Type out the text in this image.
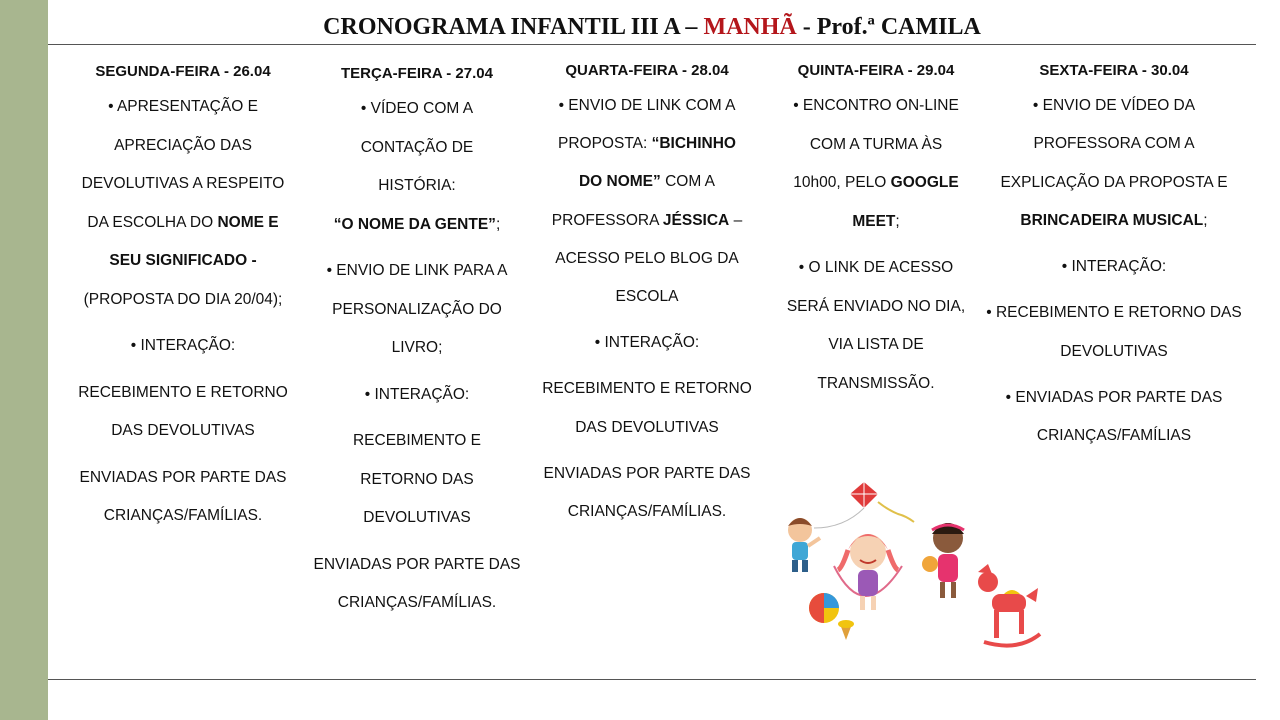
CRONOGRAMA INFANTIL III A – MANHÃ - Prof.ª CAMILA
SEGUNDA-FEIRA - 26.04

• APRESENTAÇÃO E
APRECIAÇÃO DAS
DEVOLUTIVAS A RESPEITO
DA ESCOLHA DO NOME E
SEU SIGNIFICADO -
(PROPOSTA DO DIA 20/04);

• INTERAÇÃO:

RECEBIMENTO E RETORNO
DAS DEVOLUTIVAS

ENVIADAS POR PARTE DAS
CRIANÇAS/FAMÍLIAS.

TERÇA-FEIRA - 27.04

• VÍDEO COM A
CONTAÇÃO DE
HISTÓRIA:
“O NOME DA GENTE”;

• ENVIO DE LINK PARA A
PERSONALIZAÇÃO DO
LIVRO;

• INTERAÇÃO:

RECEBIMENTO E
RETORNO DAS
DEVOLUTIVAS

ENVIADAS POR PARTE DAS
CRIANÇAS/FAMÍLIAS.

QUARTA-FEIRA - 28.04

• ENVIO DE LINK COM A
PROPOSTA: “BICHINHO
DO NOME” COM A
PROFESSORA JÉSSICA –
ACESSO PELO BLOG DA
ESCOLA

• INTERAÇÃO:

RECEBIMENTO E RETORNO
DAS DEVOLUTIVAS

ENVIADAS POR PARTE DAS
CRIANÇAS/FAMÍLIAS.

QUINTA-FEIRA - 29.04

• ENCONTRO ON-LINE
COM A TURMA ÀS
10h00, PELO GOOGLE
MEET;

• O LINK DE ACESSO
SERÁ ENVIADO NO DIA,
VIA LISTA DE
TRANSMISSÃO.

SEXTA-FEIRA - 30.04

• ENVIO DE VÍDEO DA
PROFESSORA COM A
EXPLICAÇÃO DA PROPOSTA E
BRINCADEIRA MUSICAL;

• INTERAÇÃO:

• RECEBIMENTO E RETORNO DAS
DEVOLUTIVAS

• ENVIADAS POR PARTE DAS
CRIANÇAS/FAMÍLIAS
